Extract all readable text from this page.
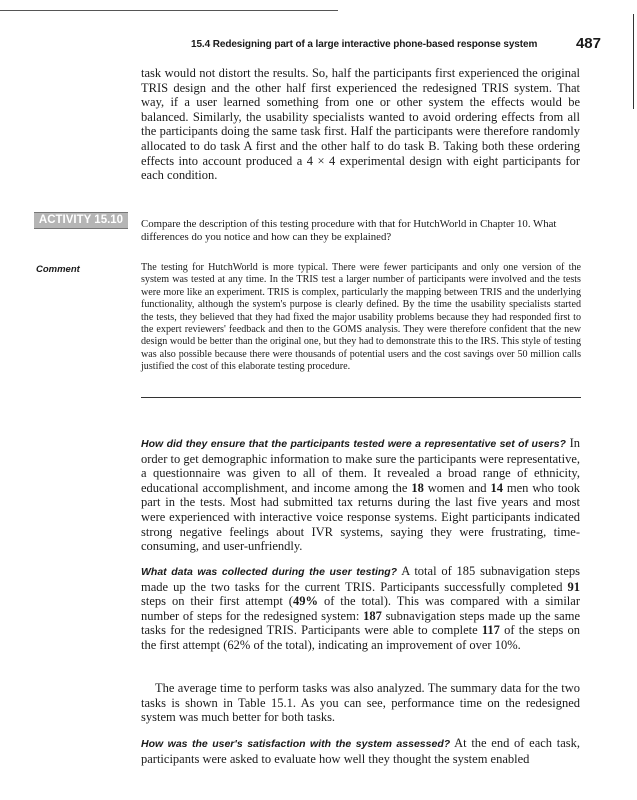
15.4 Redesigning part of a large interactive phone-based response system	487

task would not distort the results. So, half the participants first experienced the original TRIS design and the other half first experienced the redesigned TRIS system. That way, if a user learned something from one or other system the effects would be balanced. Similarly, the usability specialists wanted to avoid ordering effects from all the participants doing the same task first. Half the participants were therefore randomly allocated to do task A first and the other half to do task B. Taking both these ordering effects into account produced a 4 × 4 experimental design with eight participants for each condition.

ACTIVITY 15.10	Compare the description of this testing procedure with that for HutchWorld in Chapter 10. What differences do you notice and how can they be explained?

Comment	The testing for HutchWorld is more typical. There were fewer participants and only one version of the system was tested at any time. In the TRIS test a larger number of participants were involved and the tests were more like an experiment. TRIS is complex, particularly the mapping between TRIS and the underlying functionality, although the system's purpose is clearly defined. By the time the usability specialists started the tests, they believed that they had fixed the major usability problems because they had responded first to the expert reviewers' feedback and then to the GOMS analysis. They were therefore confident that the new design would be better than the original one, but they had to demonstrate this to the IRS. This style of testing was also possible because there were thousands of potential users and the cost savings over 50 million calls justified the cost of this elaborate testing procedure.

How did they ensure that the participants tested were a representative set of users? In order to get demographic information to make sure the participants were representative, a questionnaire was given to all of them. It revealed a broad range of ethnicity, educational accomplishment, and income among the 18 women and 14 men who took part in the tests. Most had submitted tax returns during the last five years and most were experienced with interactive voice response systems. Eight participants indicated strong negative feelings about IVR systems, saying they were frustrating, time-consuming, and user-unfriendly.

What data was collected during the user testing? A total of 185 subnavigation steps made up the two tasks for the current TRIS. Participants successfully completed 91 steps on their first attempt (49% of the total). This was compared with a similar number of steps for the redesigned system: 187 subnavigation steps made up the same tasks for the redesigned TRIS. Participants were able to complete 117 of the steps on the first attempt (62% of the total), indicating an improvement of over 10%.

The average time to perform tasks was also analyzed. The summary data for the two tasks is shown in Table 15.1. As you can see, performance time on the redesigned system was much better for both tasks.

How was the user's satisfaction with the system assessed? At the end of each task, participants were asked to evaluate how well they thought the system enabled
